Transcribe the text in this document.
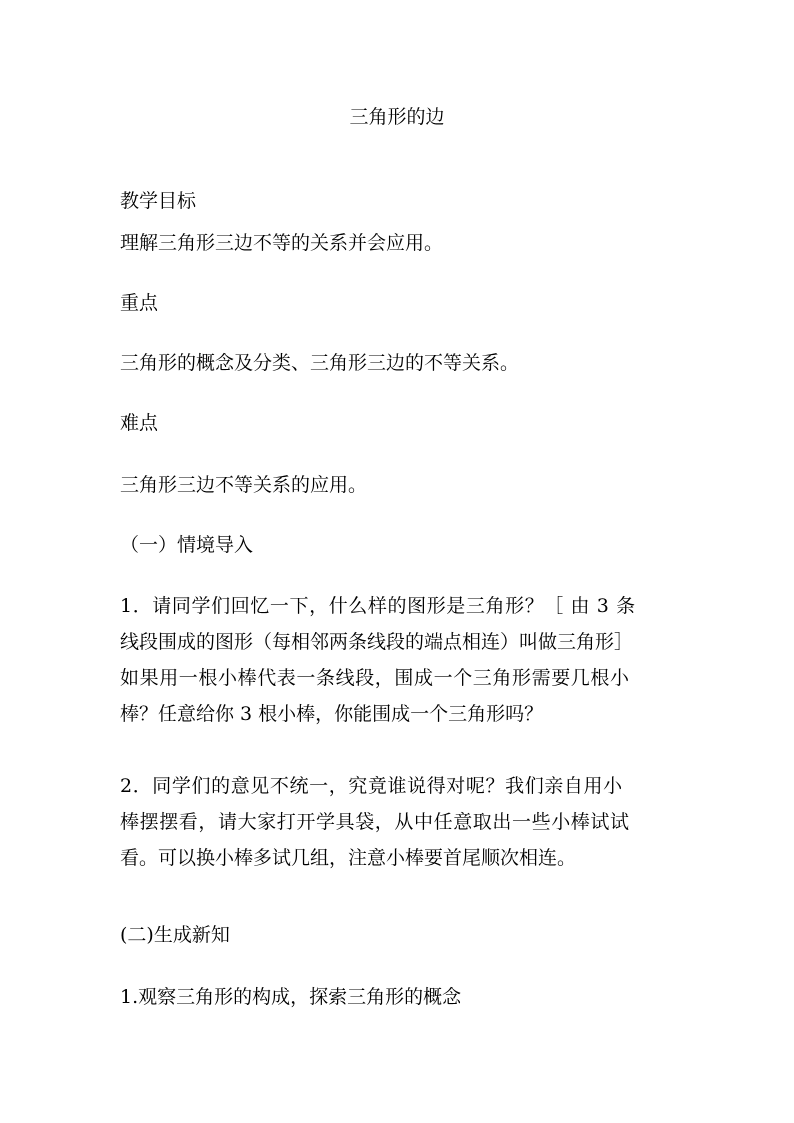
三角形的边

教学目标

理解三角形三边不等的关系并会应用。

重点

三角形的概念及分类、三角形三边的不等关系。

难点

三角形三边不等关系的应用。

（一）情境导入

1．请同学们回忆一下，什么样的图形是三角形？［ 由 3 条
线段围成的图形（每相邻两条线段的端点相连）叫做三角形］
如果用一根小棒代表一条线段，围成一个三角形需要几根小
棒？任意给你 3 根小棒，你能围成一个三角形吗？
2．同学们的意见不统一，究竟谁说得对呢？我们亲自用小
棒摆摆看，请大家打开学具袋，从中任意取出一些小棒试试
看。可以换小棒多试几组，注意小棒要首尾顺次相连。

(二)生成新知

1.观察三角形的构成，探索三角形的概念
